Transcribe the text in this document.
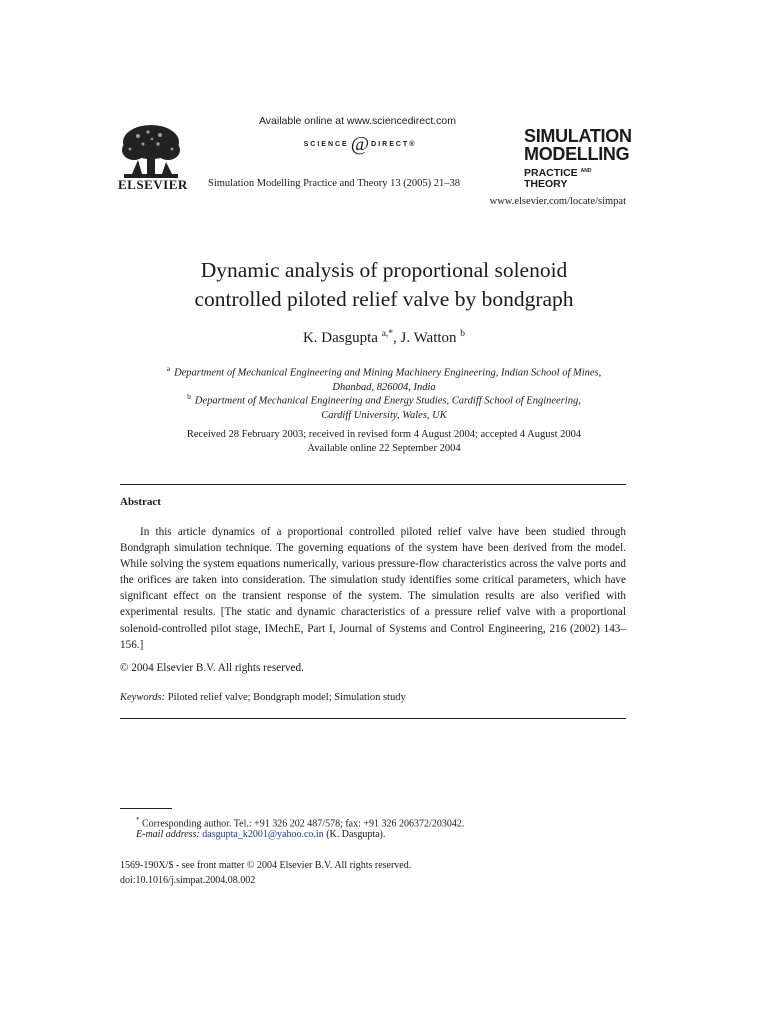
ELSEVIER
Available online at www.sciencedirect.com
SCIENCE @ DIRECT ®
Simulation Modelling Practice and Theory 13 (2005) 21–38
SIMULATION
MODELLING
PRACTICE $^{AND}$ THEORY
www.elsevier.com/locate/simpat
Dynamic analysis of proportional solenoid
controlled piloted relief valve by bondgraph
K. Dasgupta $^{a,*}$, J. Watton $^b$
$^a$ Department of Mechanical Engineering and Mining Machinery Engineering, Indian School of Mines,
Dhanbad, 826004, India
$^b$ Department of Mechanical Engineering and Energy Studies, Cardiff School of Engineering,
Cardiff University, Wales, UK
Received 28 February 2003; received in revised form 4 August 2004; accepted 4 August 2004
Available online 22 September 2004
Abstract
In this article dynamics of a proportional controlled piloted relief valve have been studied through Bondgraph simulation technique. The governing equations of the system have been derived from the model. While solving the system equations numerically, various pressure-flow characteristics across the valve ports and the orifices are taken into consideration. The simulation study identifies some critical parameters, which have significant effect on the transient response of the system. The simulation results are also verified with experimental results. [The static and dynamic characteristics of a pressure relief valve with a proportional solenoid-controlled pilot stage, IMechE, Part I, Journal of Systems and Control Engineering, 216 (2002) 143–156.]
© 2004 Elsevier B.V. All rights reserved.
Keywords: Piloted relief valve; Bondgraph model; Simulation study
* Corresponding author. Tel.: +91 326 202 487/578; fax: +91 326 206372/203042.
E-mail address: dasgupta_k2001@yahoo.co.in (K. Dasgupta).
1569-190X/$ - see front matter © 2004 Elsevier B.V. All rights reserved.
doi:10.1016/j.simpat.2004.08.002
